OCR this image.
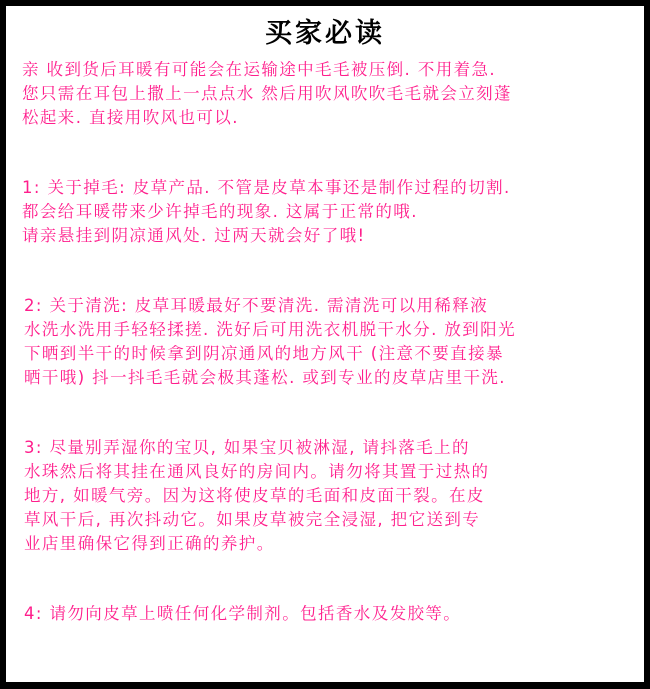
买家必读
亲 收到货后耳暖有可能会在运输途中毛毛被压倒. 不用着急.
您只需在耳包上撒上一点点水 然后用吹风吹吹毛毛就会立刻蓬
松起来. 直接用吹风也可以.
1: 关于掉毛: 皮草产品. 不管是皮草本事还是制作过程的切割.
都会给耳暖带来少许掉毛的现象. 这属于正常的哦.
请亲悬挂到阴凉通风处. 过两天就会好了哦!
2: 关于清洗: 皮草耳暖最好不要清洗. 需清洗可以用稀释液
水洗水洗用手轻轻揉搓. 洗好后可用洗衣机脱干水分. 放到阳光
下晒到半干的时候拿到阴凉通风的地方风干 (注意不要直接暴
晒干哦) 抖一抖毛毛就会极其蓬松. 或到专业的皮草店里干洗.
3: 尽量别弄湿你的宝贝, 如果宝贝被淋湿, 请抖落毛上的
水珠然后将其挂在通风良好的房间内。请勿将其置于过热的
地方, 如暖气旁。因为这将使皮草的毛面和皮面干裂。在皮
草风干后, 再次抖动它。如果皮草被完全浸湿, 把它送到专
业店里确保它得到正确的养护。
4: 请勿向皮草上喷任何化学制剂。包括香水及发胶等。
